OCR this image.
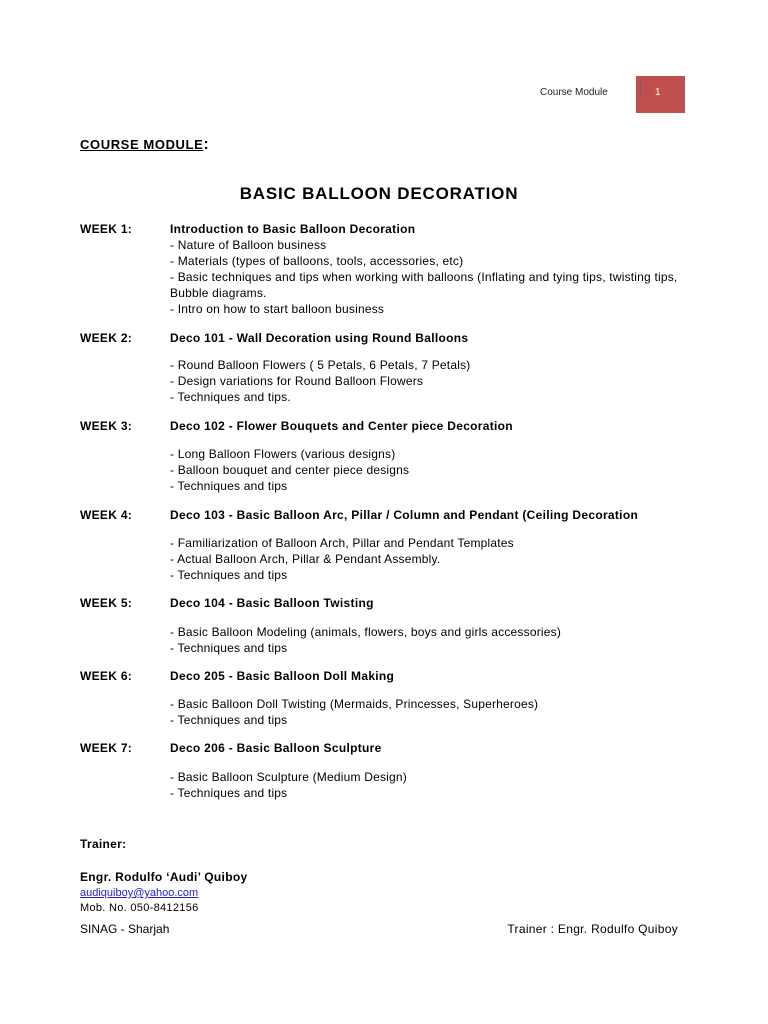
Course Module	1
COURSE MODULE:
BASIC BALLOON DECORATION
WEEK 1:	Introduction to Basic Balloon Decoration
- Nature of Balloon business
- Materials (types of balloons, tools, accessories, etc)
- Basic techniques and tips when working with balloons (Inflating and tying tips, twisting tips, Bubble diagrams.
- Intro on how to start balloon business
WEEK 2:	Deco 101 - Wall Decoration using Round Balloons
- Round Balloon Flowers ( 5 Petals, 6 Petals, 7 Petals)
- Design variations for Round Balloon Flowers
- Techniques and tips.
WEEK 3:	Deco 102 - Flower Bouquets and Center piece Decoration
- Long Balloon Flowers (various designs)
- Balloon bouquet and center piece designs
- Techniques and tips
WEEK 4:	Deco 103 - Basic Balloon Arc, Pillar / Column and Pendant (Ceiling Decoration
- Familiarization of Balloon Arch, Pillar and Pendant Templates
- Actual Balloon Arch, Pillar & Pendant Assembly.
- Techniques and tips
WEEK 5:	Deco 104 - Basic Balloon Twisting
- Basic Balloon Modeling (animals, flowers, boys and girls accessories)
- Techniques and tips
WEEK 6:	Deco 205 - Basic Balloon Doll Making
- Basic Balloon Doll Twisting (Mermaids, Princesses, Superheroes)
- Techniques and tips
WEEK 7:	Deco 206 - Basic Balloon Sculpture
- Basic Balloon Sculpture (Medium Design)
- Techniques and tips
Trainer:
Engr. Rodulfo ‘Audi’ Quiboy
audiquiboy@yahoo.com
Mob. No. 050-8412156
SINAG - Sharjah	Trainer : Engr. Rodulfo Quiboy
